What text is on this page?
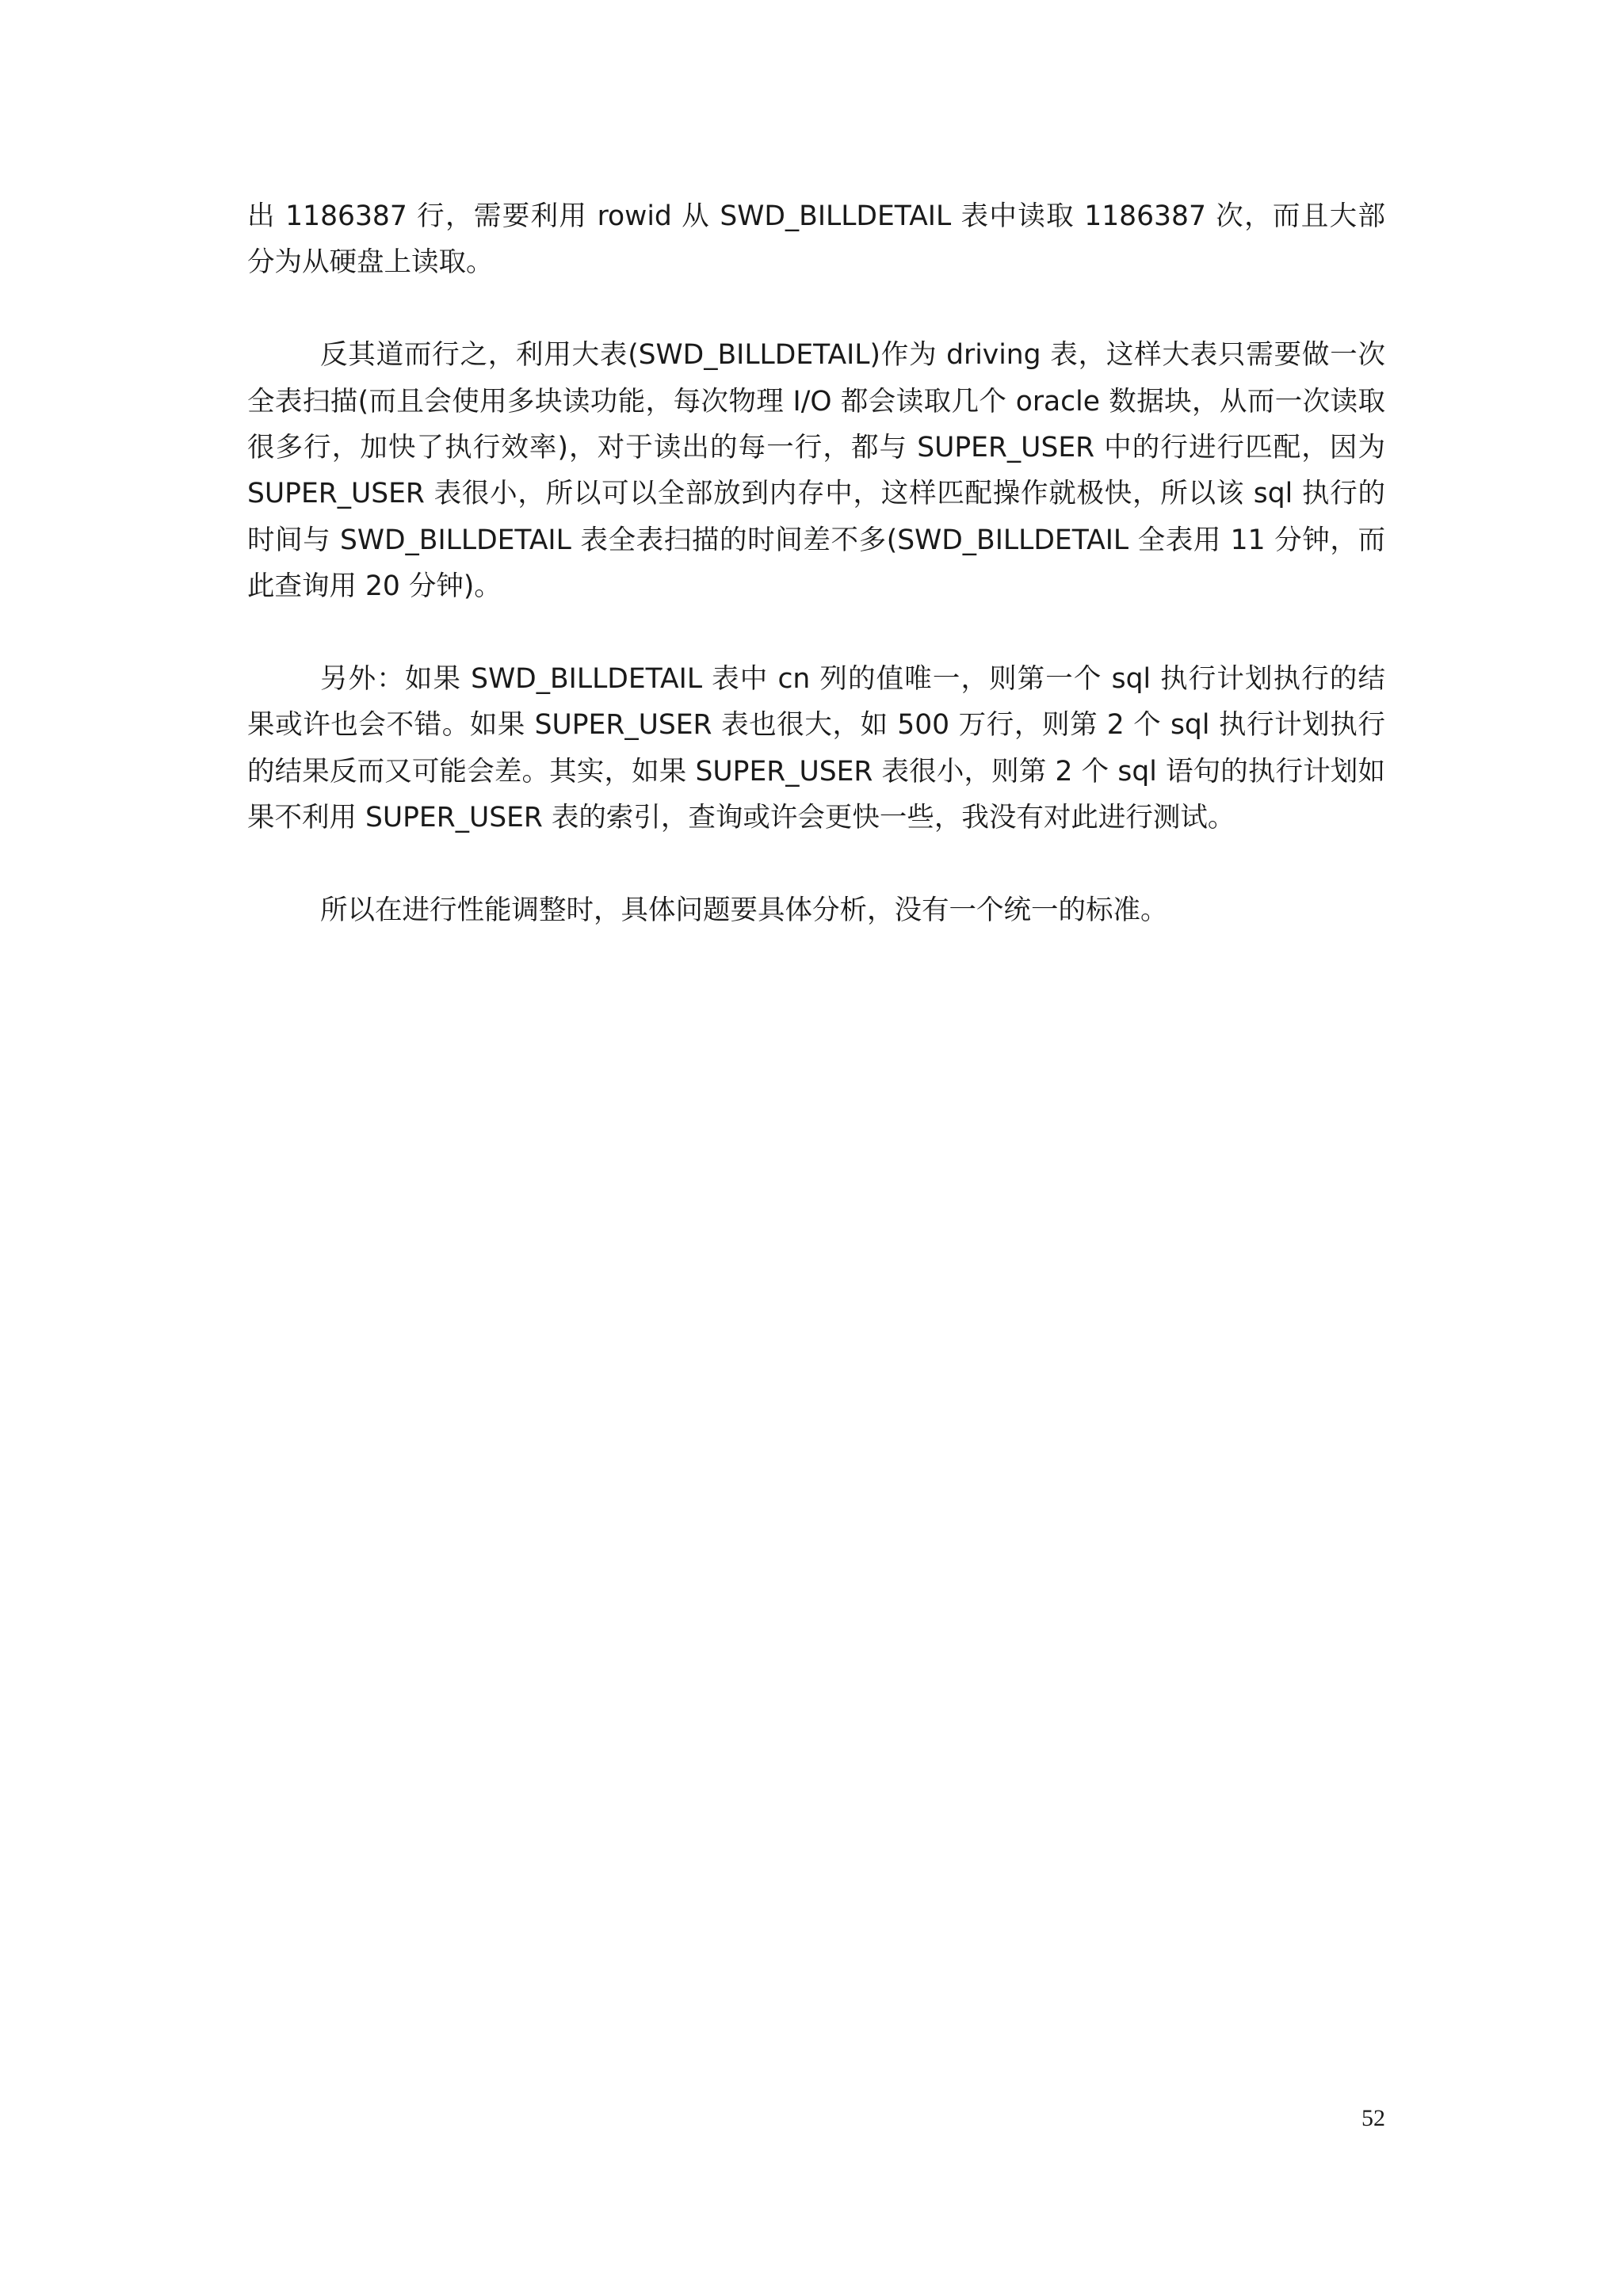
出 1186387 行，需要利用 rowid 从 SWD_BILLDETAIL 表中读取 1186387 次，而且大部分为从硬盘上读取。

反其道而行之，利用大表(SWD_BILLDETAIL)作为 driving 表，这样大表只需要做一次全表扫描(而且会使用多块读功能，每次物理 I/O 都会读取几个 oracle 数据块，从而一次读取很多行，加快了执行效率)，对于读出的每一行，都与 SUPER_USER 中的行进行匹配，因为 SUPER_USER 表很小，所以可以全部放到内存中，这样匹配操作就极快，所以该 sql 执行的时间与 SWD_BILLDETAIL 表全表扫描的时间差不多(SWD_BILLDETAIL 全表用 11 分钟，而此查询用 20 分钟)。

另外：如果 SWD_BILLDETAIL 表中 cn 列的值唯一，则第一个 sql 执行计划执行的结果或许也会不错。如果 SUPER_USER 表也很大，如 500 万行，则第 2 个 sql 执行计划执行的结果反而又可能会差。其实，如果 SUPER_USER 表很小，则第 2 个 sql 语句的执行计划如果不利用 SUPER_USER 表的索引，查询或许会更快一些，我没有对此进行测试。

所以在进行性能调整时，具体问题要具体分析，没有一个统一的标准。

52
